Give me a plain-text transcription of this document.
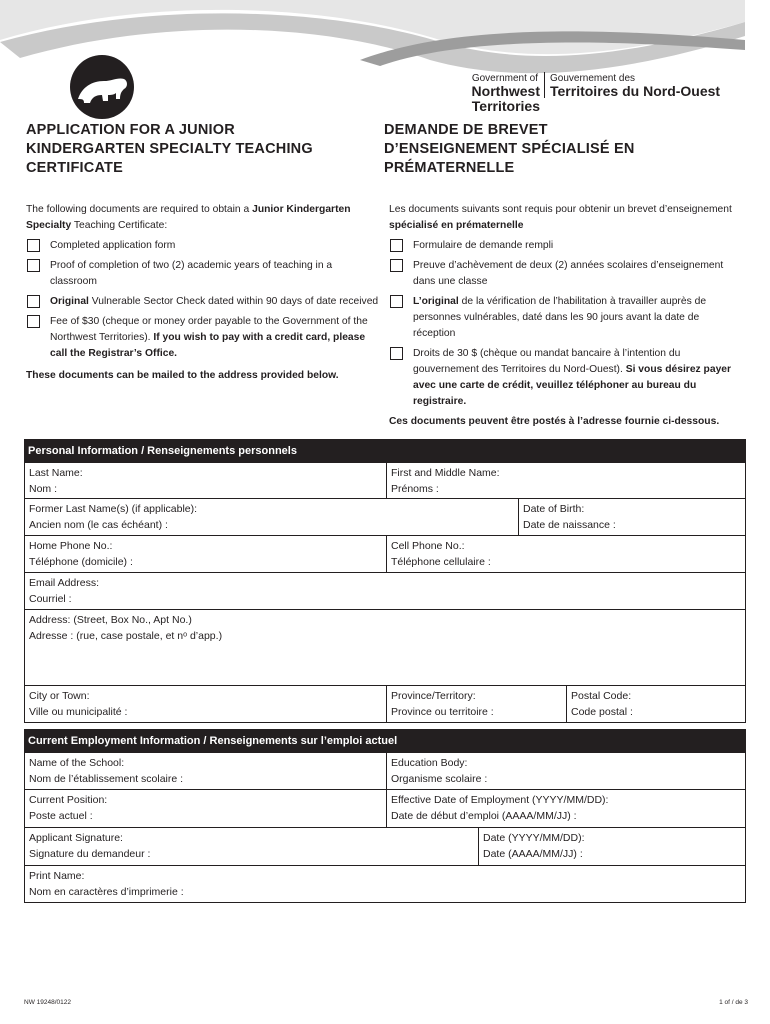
Government of
Northwest Territories
Gouvernement des
Territoires du Nord-Ouest
APPLICATION FOR A JUNIOR
KINDERGARTEN SPECIALTY TEACHING
CERTIFICATE
DEMANDE DE BREVET
D’ENSEIGNEMENT SPÉCIALISÉ EN
PRÉMATERNELLE
The following documents are required to obtain a Junior Kindergarten Specialty Teaching Certificate:
Completed application form
Proof of completion of two (2) academic years of teaching in a classroom
Original Vulnerable Sector Check dated within 90 days of date received
Fee of $30 (cheque or money order payable to the Government of the Northwest Territories). If you wish to pay with a credit card, please call the Registrar’s Office.
These documents can be mailed to the address provided below.
Les documents suivants sont requis pour obtenir un brevet d’enseignement spécialisé en prématernelle
Formulaire de demande rempli
Preuve d’achèvement de deux (2) années scolaires d’enseignement dans une classe
L’original de la vérification de l’habilitation à travailler auprès de personnes vulnérables, daté dans les 90 jours avant la date de réception
Droits de 30 $ (chèque ou mandat bancaire à l’intention du gouvernement des Territoires du Nord-Ouest). Si vous désirez payer avec une carte de crédit, veuillez téléphoner au bureau du registraire.
Ces documents peuvent être postés à l’adresse fournie ci-dessous.
Personal Information / Renseignements personnels
Last Name:
Nom :
First and Middle Name:
Prénoms :
Former Last Name(s) (if applicable):
Ancien nom (le cas échéant) :
Date of Birth:
Date de naissance :
Home Phone No.:
Téléphone (domicile) :
Cell Phone No.:
Téléphone cellulaire :
Email Address:
Courriel :
Address: (Street, Box No., Apt No.)
Adresse : (rue, case postale, et nᵒ d’app.)
City or Town:
Ville ou municipalité :
Province/Territory:
Province ou territoire :
Postal Code:
Code postal :
Current Employment Information / Renseignements sur l’emploi actuel
Name of the School:
Nom de l’établissement scolaire :
Education Body:
Organisme scolaire :
Current Position:
Poste actuel :
Effective Date of Employment (YYYY/MM/DD):
Date de début d’emploi (AAAA/MM/JJ) :
Applicant Signature:
Signature du demandeur :
Date (YYYY/MM/DD):
Date (AAAA/MM/JJ) :
Print Name:
Nom en caractères d’imprimerie :
NW 19248/0122	1 of / de 3
